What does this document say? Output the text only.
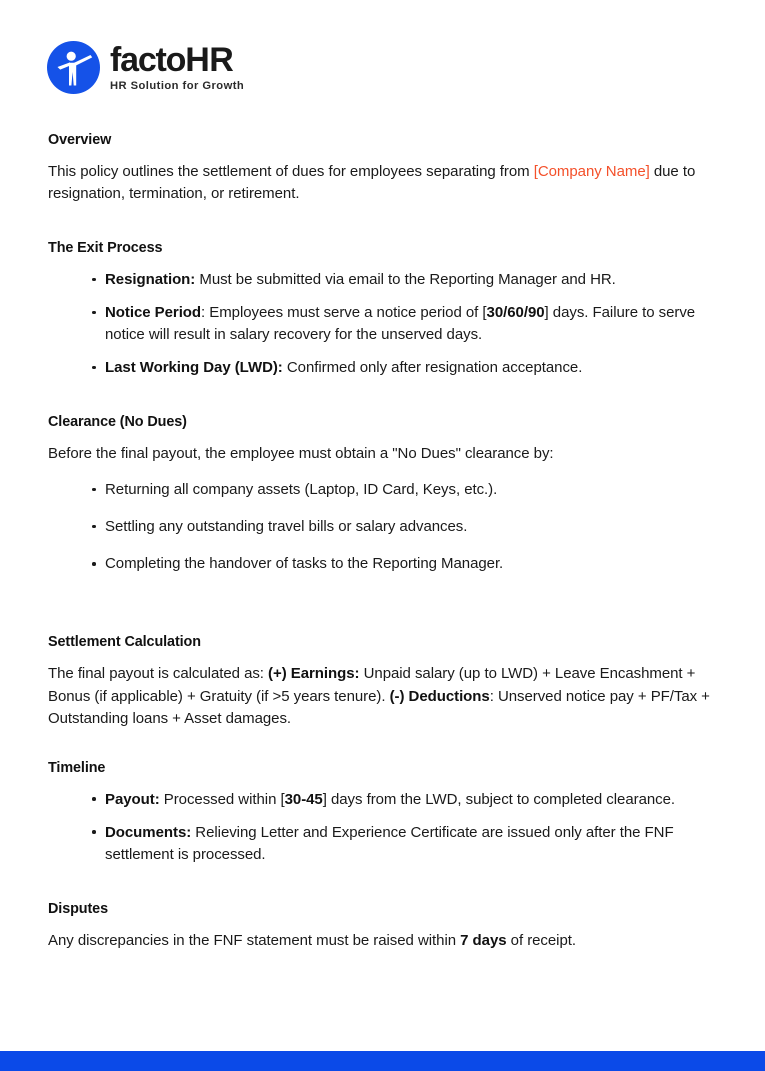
factoHR
HR Solution for Growth
Overview

This policy outlines the settlement of dues for employees separating from [Company Name] due to resignation, termination, or retirement.

The Exit Process
Resignation: Must be submitted via email to the Reporting Manager and HR.
Notice Period: Employees must serve a notice period of [30/60/90] days. Failure to serve notice will result in salary recovery for the unserved days.
Last Working Day (LWD): Confirmed only after resignation acceptance.
Clearance (No Dues)

Before the final payout, the employee must obtain a "No Dues" clearance by:

Returning all company assets (Laptop, ID Card, Keys, etc.).
Settling any outstanding travel bills or salary advances.
Completing the handover of tasks to the Reporting Manager.
Settlement Calculation

The final payout is calculated as: (+) Earnings: Unpaid salary (up to LWD) + Leave Encashment + Bonus (if applicable) + Gratuity (if >5 years tenure). (-) Deductions: Unserved notice pay + PF/Tax + Outstanding loans + Asset damages.

Timeline
Payout: Processed within [30-45] days from the LWD, subject to completed clearance.
Documents: Relieving Letter and Experience Certificate are issued only after the FNF settlement is processed.
Disputes

Any discrepancies in the FNF statement must be raised within 7 days of receipt.
